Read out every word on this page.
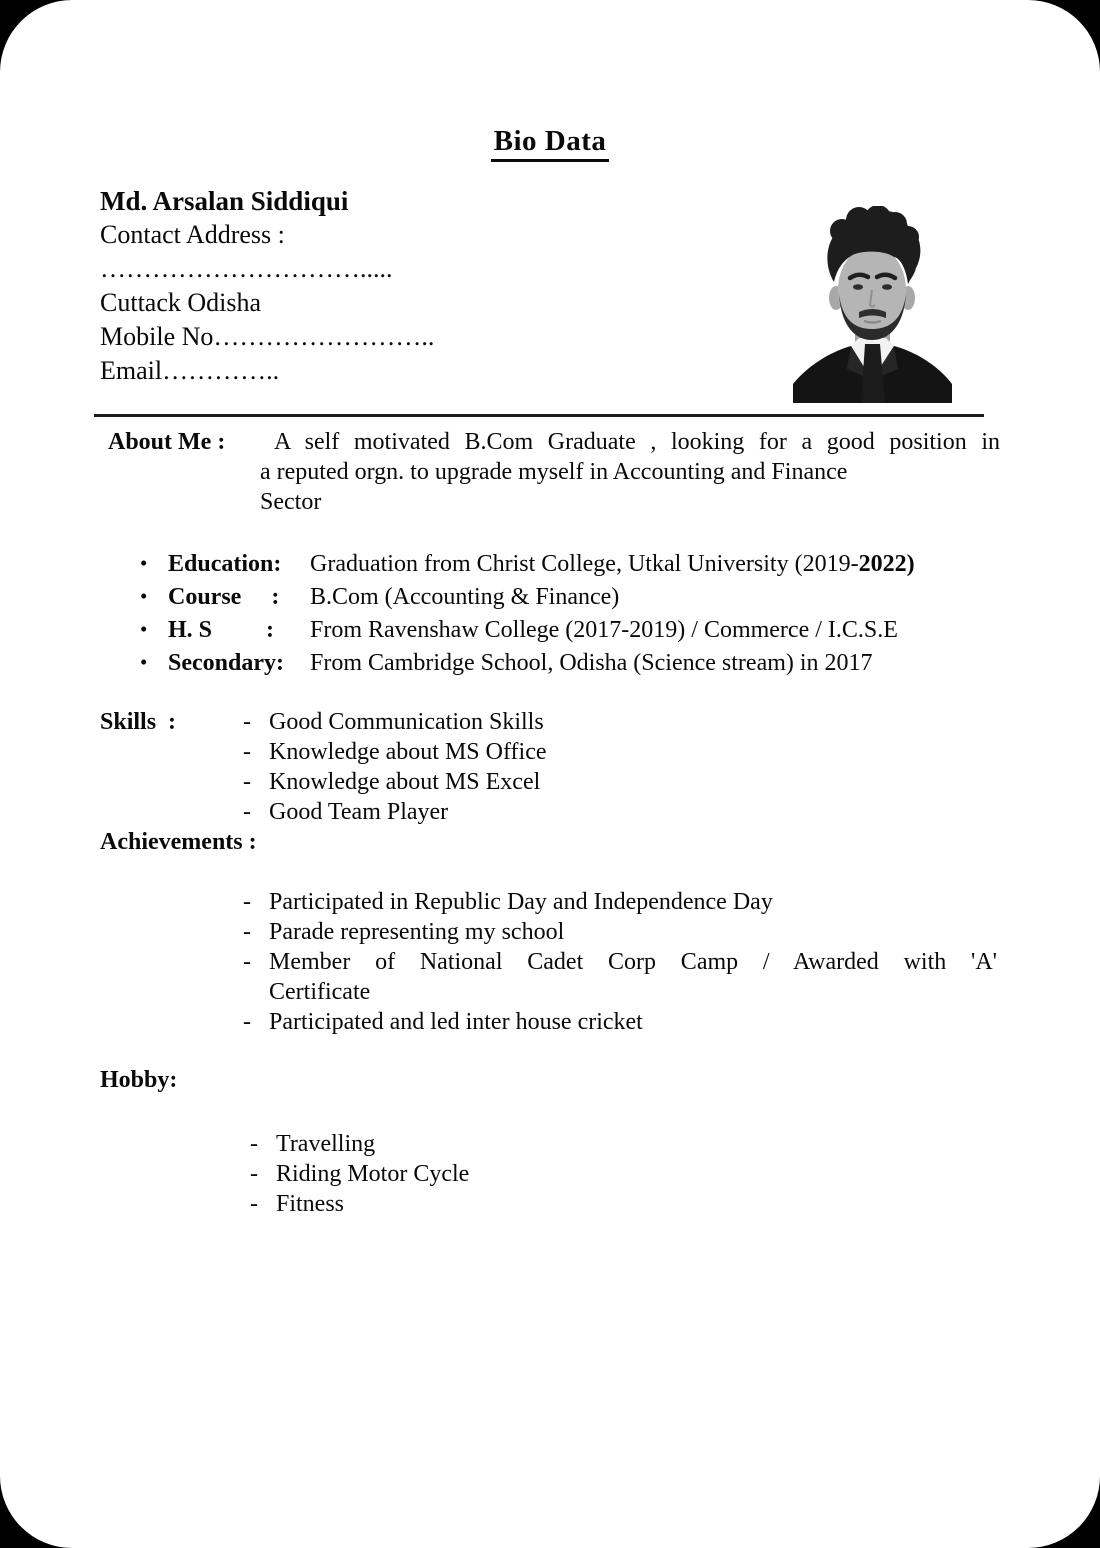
Bio Data
Md. Arsalan Siddiqui
Contact Address :
………………………….....
Cuttack Odisha
Mobile No……………………..
Email…………..
About Me :	A self motivated B.Com Graduate , looking for a good position in
a reputed orgn. to upgrade myself in Accounting and Finance
Sector
• Education: Graduation from Christ College, Utkal University (2019-2022)
• Course     : B.Com (Accounting & Finance)
• H. S         : From Ravenshaw College (2017-2019) / Commerce / I.C.S.E
• Secondary: From Cambridge School, Odisha (Science stream) in 2017
Skills  :	- Good Communication Skills
- Knowledge about MS Office
- Knowledge about MS Excel
- Good Team Player
Achievements :
- Participated in Republic Day and Independence Day
- Parade representing my school
- Member of National Cadet Corp Camp / Awarded with 'A'
Certificate
- Participated and led inter house cricket
Hobby:
- Travelling
- Riding Motor Cycle
- Fitness
